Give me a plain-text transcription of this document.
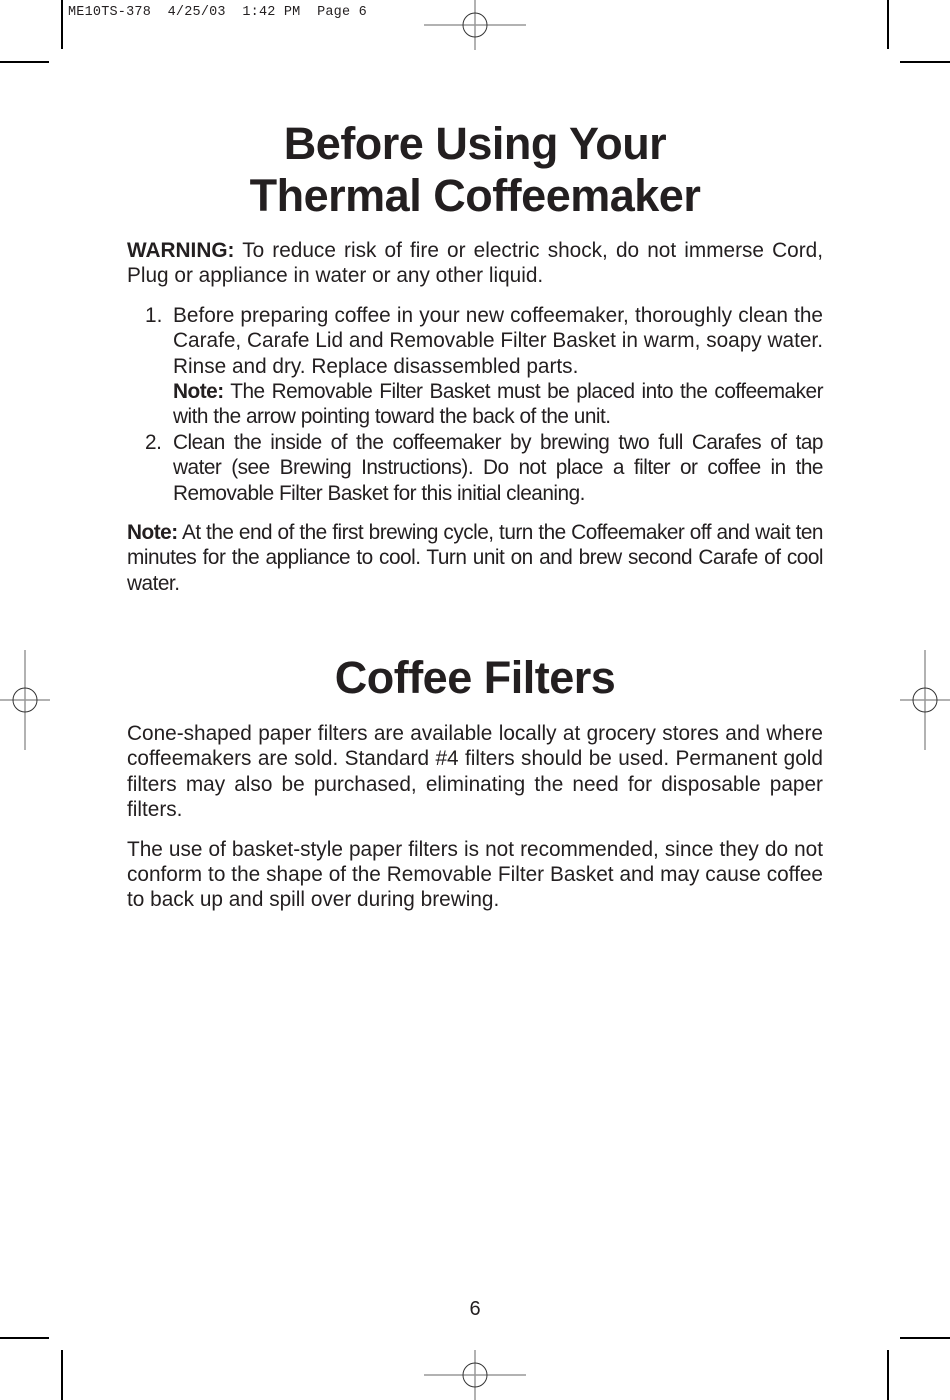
ME10TS-378 4/25/03 1:42 PM Page 6
Before Using Your
Thermal Coffeemaker

WARNING: To reduce risk of fire or electric shock, do not immerse Cord, Plug or appliance in water or any other liquid.

1. Before preparing coffee in your new coffeemaker, thoroughly clean the Carafe, Carafe Lid and Removable Filter Basket in warm, soapy water. Rinse and dry. Replace disassembled parts.
Note: The Removable Filter Basket must be placed into the coffeemaker with the arrow pointing toward the back of the unit.
2. Clean the inside of the coffeemaker by brewing two full Carafes of tap water (see Brewing Instructions). Do not place a filter or coffee in the Removable Filter Basket for this initial cleaning.

Note: At the end of the first brewing cycle, turn the Coffeemaker off and wait ten minutes for the appliance to cool. Turn unit on and brew second Carafe of cool water.

Coffee Filters

Cone-shaped paper filters are available locally at grocery stores and where coffeemakers are sold. Standard #4 filters should be used. Permanent gold filters may also be purchased, eliminating the need for disposable paper filters.

The use of basket-style paper filters is not recommended, since they do not conform to the shape of the Removable Filter Basket and may cause coffee to back up and spill over during brewing.

6
